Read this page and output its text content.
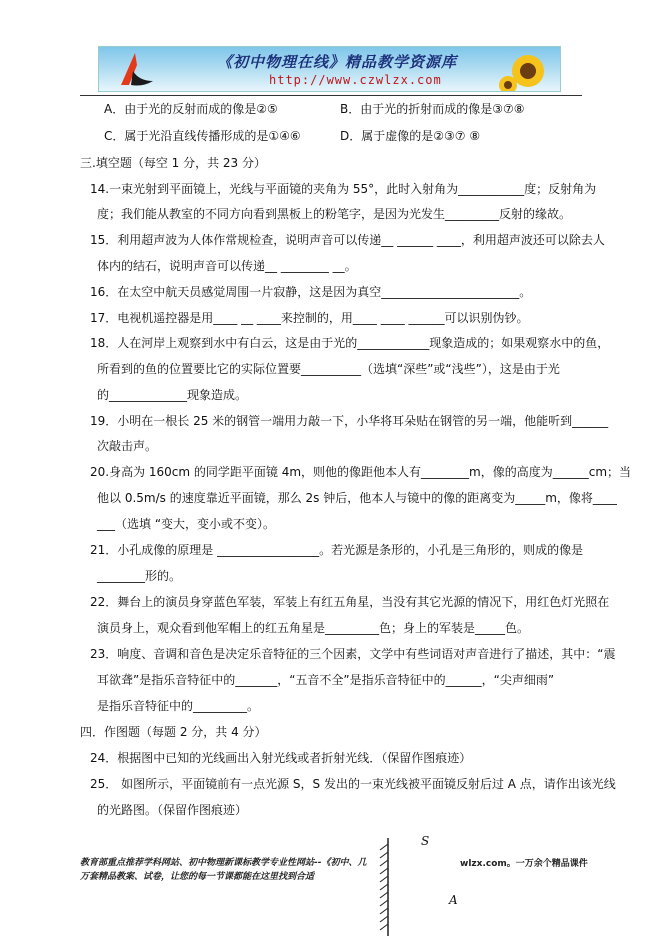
《初中物理在线》精品教学资源库
http://www.czwlzx.com
A．由于光的反射而成的像是②⑤	B．由于光的折射而成的像是③⑦⑧
C．属于光沿直线传播形成的是①④⑥	D．属于虚像的是②③⑦ ⑧
三.填空题（每空 1 分，共 23 分）
14.一束光射到平面镜上，光线与平面镜的夹角为 55°，此时入射角为___________度；反射角为
度；我们能从教室的不同方向看到黑板上的粉笔字，是因为光发生_________反射的缘故。
15．利用超声波为人体作常规检查，说明声音可以传递__ ______ ____，利用超声波还可以除去人
体内的结石，说明声音可以传递__ ________ __。
16．在太空中航天员感觉周围一片寂静，这是因为真空_______________________。
17．电视机遥控器是用____ __ ____来控制的，用____ ____ ______可以识别伪钞。
18．人在河岸上观察到水中有白云，这是由于光的____________现象造成的；如果观察水中的鱼，
所看到的鱼的位置要比它的实际位置要__________（选填“深些”或“浅些”），这是由于光
的_____________现象造成。
19．小明在一根长 25 米的钢管一端用力敲一下，小华将耳朵贴在钢管的另一端，他能听到______
次敲击声。
20.身高为 160cm 的同学距平面镜 4m，则他的像距他本人有________m，像的高度为______cm；当
他以 0.5m/s 的速度靠近平面镜，那么 2s 钟后，他本人与镜中的像的距离变为_____m，像将____
___（选填 “变大，变小或不变）。
21．小孔成像的原理是 _________________。若光源是条形的，小孔是三角形的，则成的像是
________形的。
22．舞台上的演员身穿蓝色军装，军装上有红五角星，当没有其它光源的情况下，用红色灯光照在
演员身上，观众看到他军帽上的红五角星是_________色；身上的军装是_____色。
23．响度、音调和音色是决定乐音特征的三个因素，文学中有些词语对声音进行了描述，其中：“震
耳欲聋”是指乐音特征中的_______，“五音不全”是指乐音特征中的______，“尖声细雨”
是指乐音特征中的_________。
四．作图题（每题 2 分，共 4 分）
24．根据图中已知的光线画出入射光线或者折射光线．（保留作图痕迹）
25． 如图所示，平面镜前有一点光源 S，S 发出的一束光线被平面镜反射后过 A 点，请作出该光线
的光路图。（保留作图痕迹）
教育部重点推荐学科网站、初中物理新课标教学专业性网站--《初中、几万套精品教案、试卷，让您的每一节课都能在这里找到合适
wlzx.com。一万余个精品课件
S
A
